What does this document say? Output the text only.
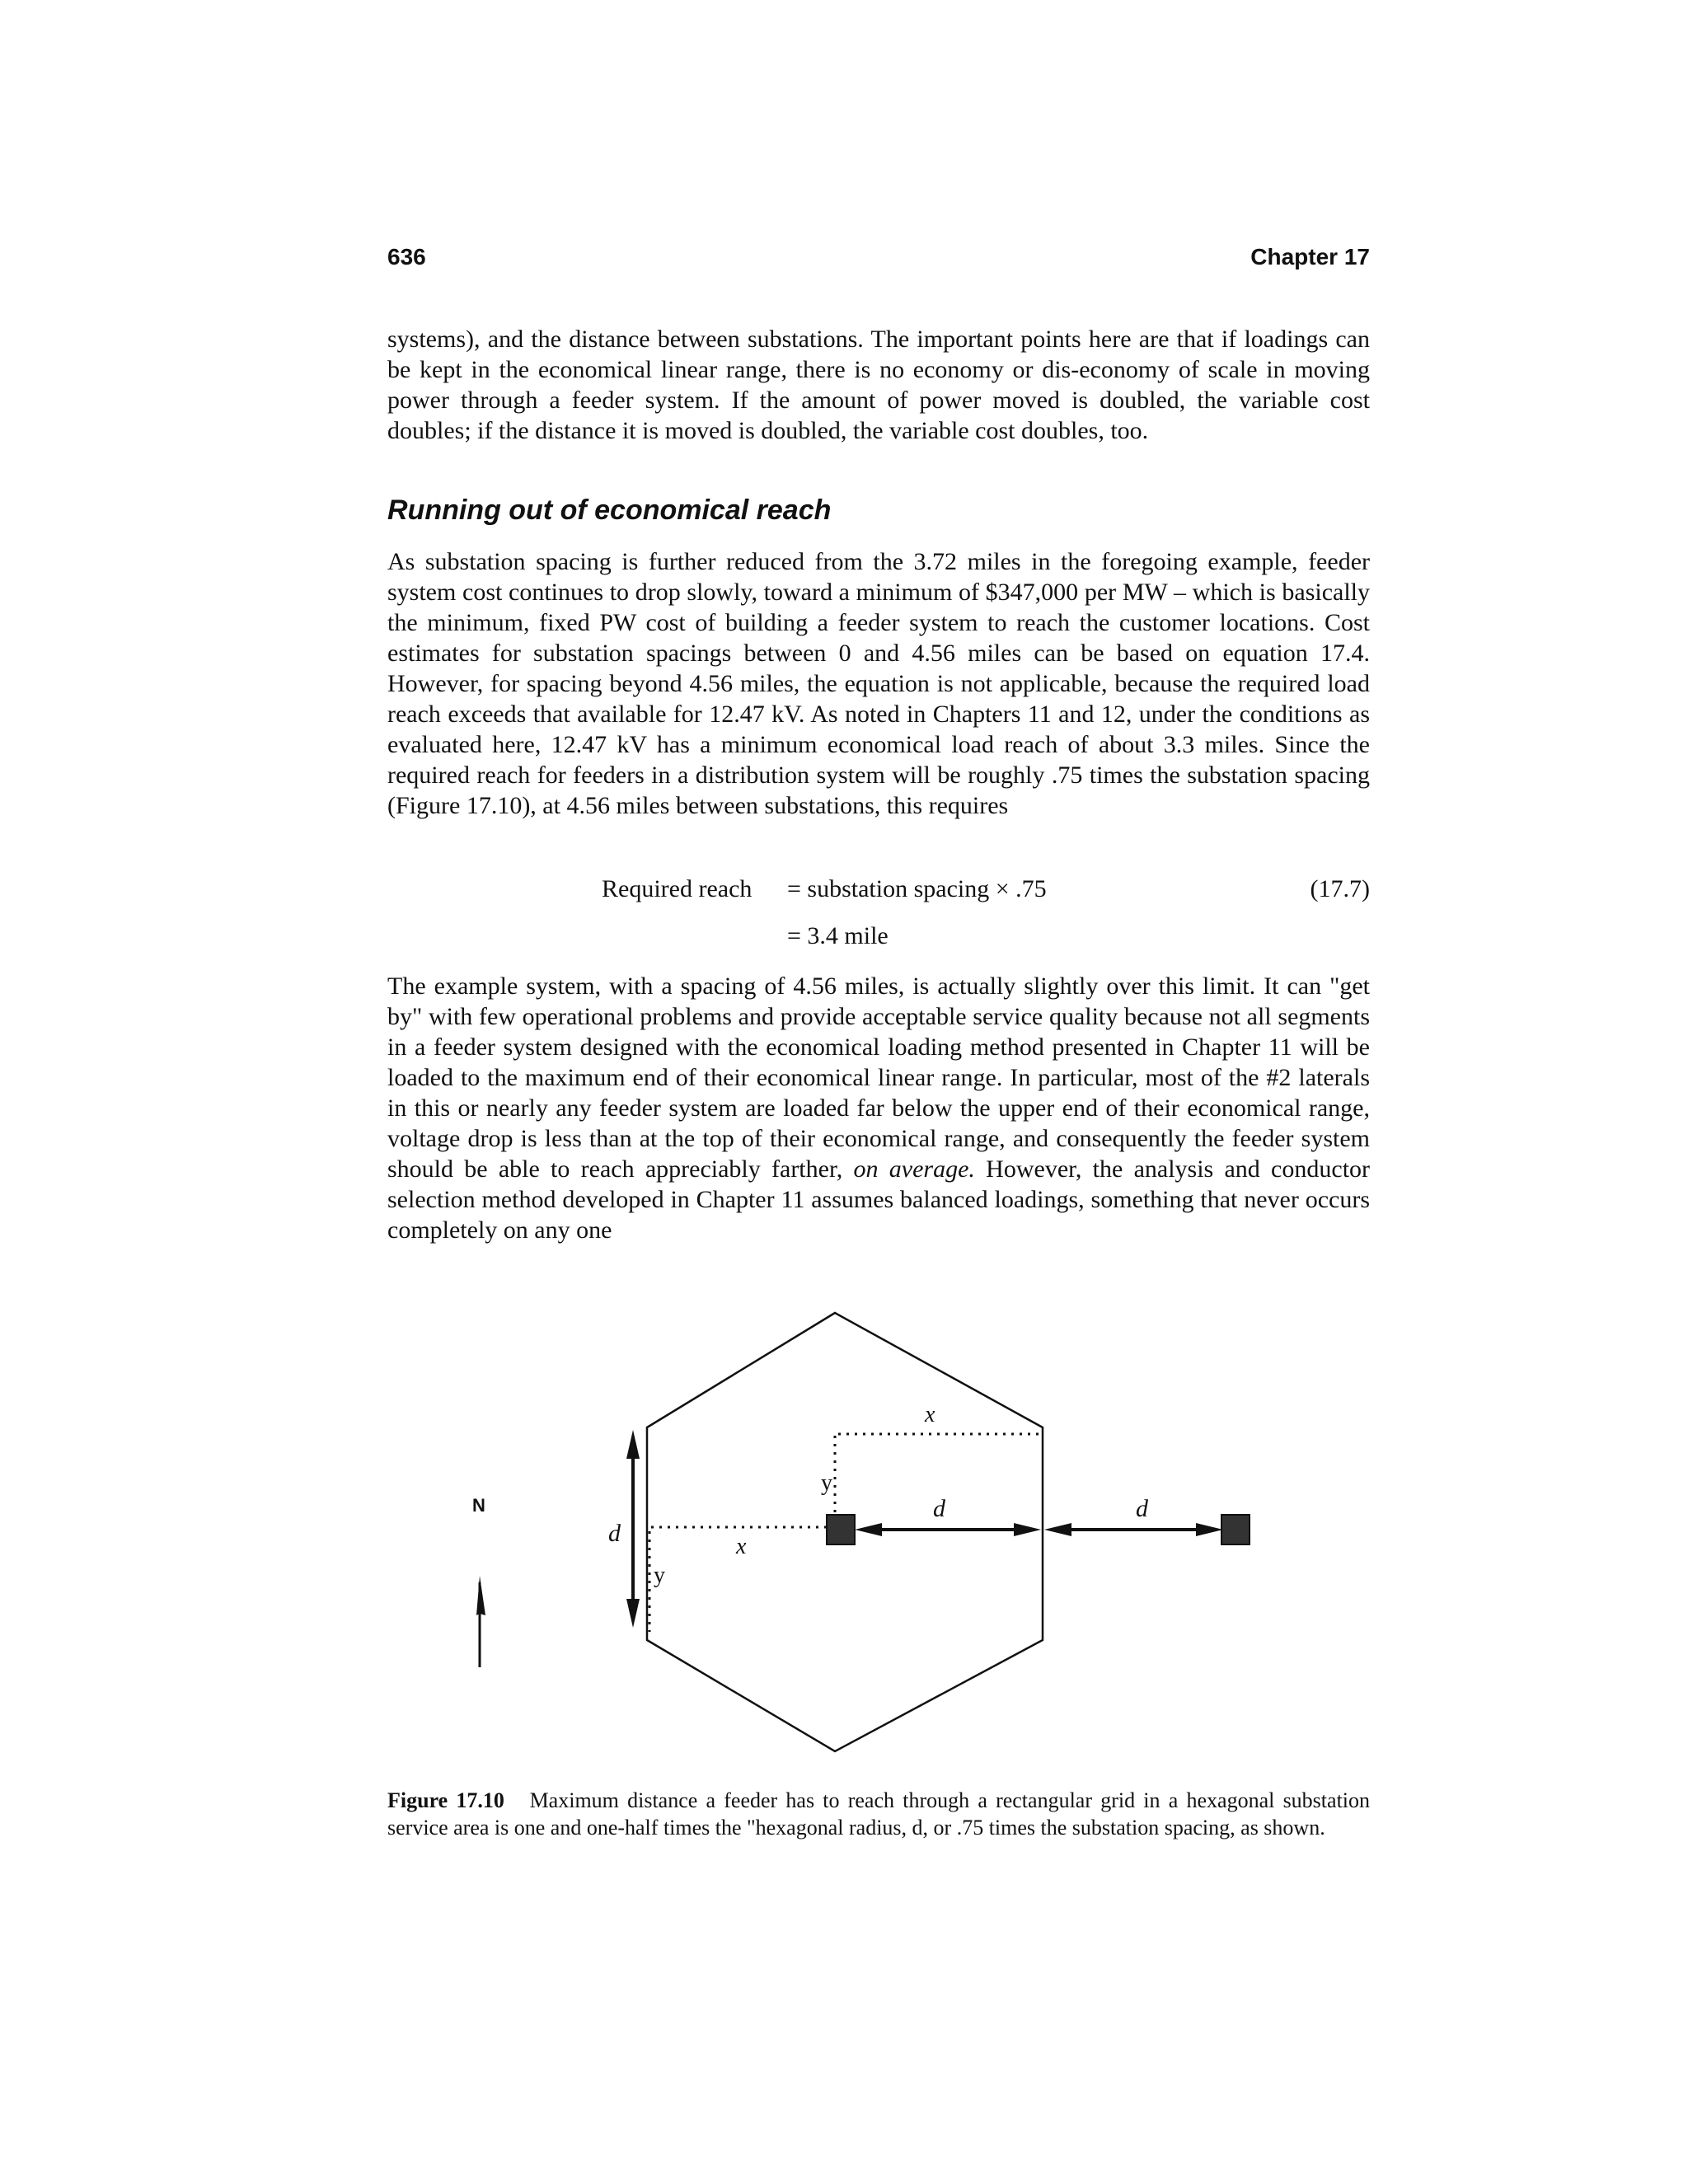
636	Chapter 17

systems), and the distance between substations. The important points here are that if loadings can be kept in the economical linear range, there is no economy or dis-economy of scale in moving power through a feeder system. If the amount of power moved is doubled, the variable cost doubles; if the distance it is moved is doubled, the variable cost doubles, too.

Running out of economical reach

As substation spacing is further reduced from the 3.72 miles in the foregoing example, feeder system cost continues to drop slowly, toward a minimum of $347,000 per MW – which is basically the minimum, fixed PW cost of building a feeder system to reach the customer locations. Cost estimates for substation spacings between 0 and 4.56 miles can be based on equation 17.4. However, for spacing beyond 4.56 miles, the equation is not applicable, because the required load reach exceeds that available for 12.47 kV. As noted in Chapters 11 and 12, under the conditions as evaluated here, 12.47 kV has a minimum economical load reach of about 3.3 miles. Since the required reach for feeders in a distribution system will be roughly .75 times the substation spacing (Figure 17.10), at 4.56 miles between substations, this requires

Required reach = substation spacing × .75	(17.7)
= 3.4 mile

The example system, with a spacing of 4.56 miles, is actually slightly over this limit. It can "get by" with few operational problems and provide acceptable service quality because not all segments in a feeder system designed with the economical loading method presented in Chapter 11 will be loaded to the maximum end of their economical linear range. In particular, most of the #2 laterals in this or nearly any feeder system are loaded far below the upper end of their economical range, voltage drop is less than at the top of their economical range, and consequently the feeder system should be able to reach appreciably farther, on average. However, the analysis and conductor selection method developed in Chapter 11 assumes balanced loadings, something that never occurs completely on any one

N
d	x
y
x
y
d	d

Figure 17.10 Maximum distance a feeder has to reach through a rectangular grid in a hexagonal substation service area is one and one-half times the "hexagonal radius, d, or .75 times the substation spacing, as shown.
